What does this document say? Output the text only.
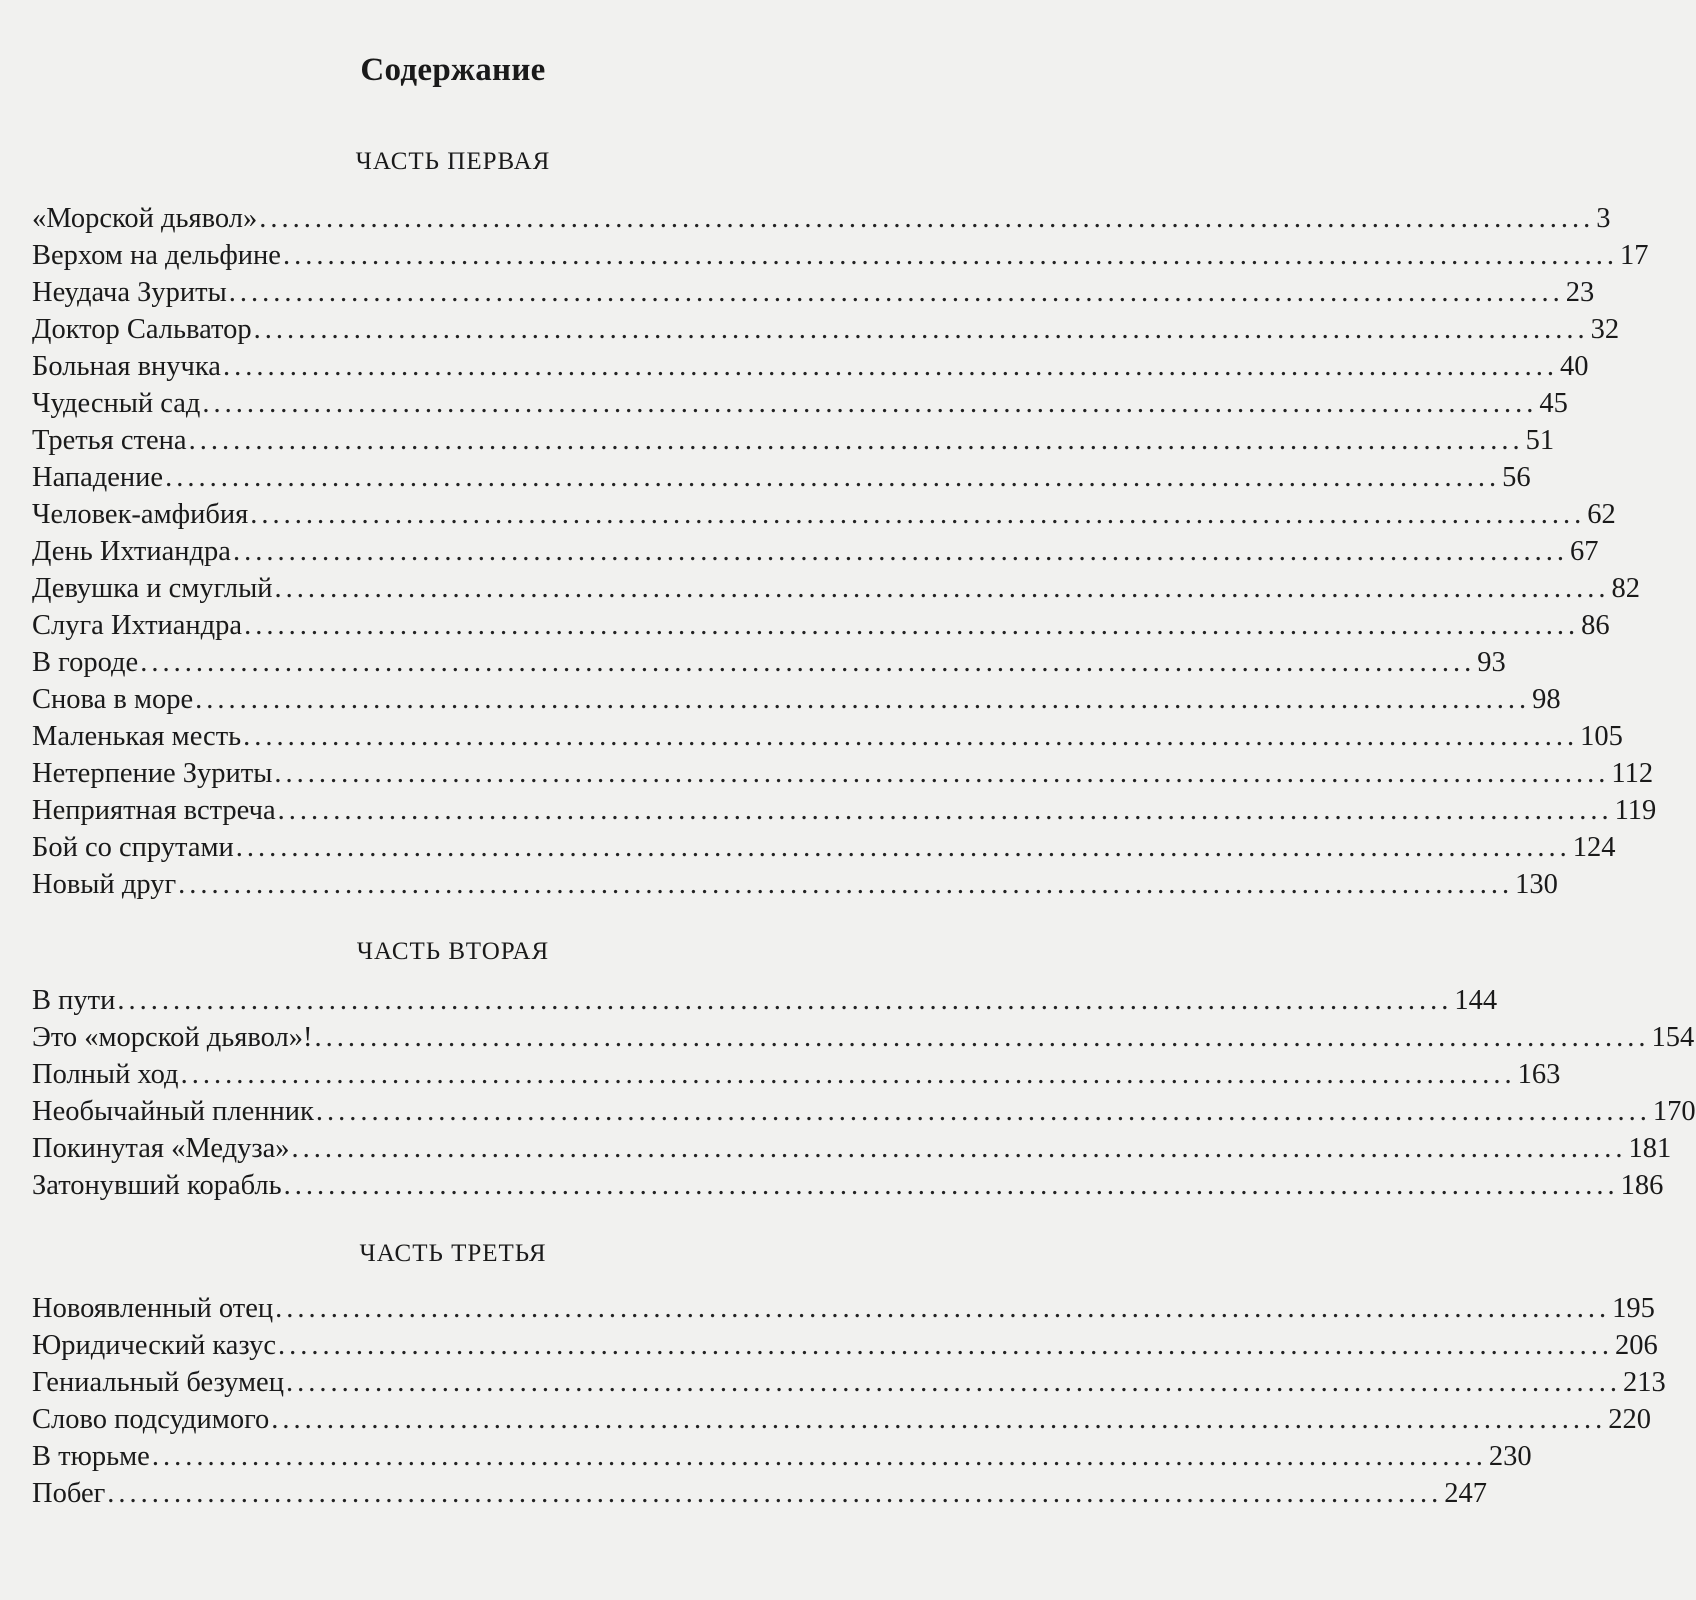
Содержание
ЧАСТЬ ПЕРВАЯ
«Морской дьявол» ........................................................................................................................ 3
Верхом на дельфине ........................................................................................................................ 17
Неудача Зуриты ........................................................................................................................ 23
Доктор Сальватор ........................................................................................................................ 32
Больная внучка ........................................................................................................................ 40
Чудесный сад ........................................................................................................................ 45
Третья стена ........................................................................................................................ 51
Нападение ........................................................................................................................ 56
Человек-амфибия ........................................................................................................................ 62
День Ихтиандра ........................................................................................................................ 67
Девушка и смуглый ........................................................................................................................ 82
Слуга Ихтиандра ........................................................................................................................ 86
В городе ........................................................................................................................ 93
Снова в море ........................................................................................................................ 98
Маленькая месть ........................................................................................................................ 105
Нетерпение Зуриты ........................................................................................................................ 112
Неприятная встреча ........................................................................................................................ 119
Бой со спрутами ........................................................................................................................ 124
Новый друг ........................................................................................................................ 130
ЧАСТЬ ВТОРАЯ
В пути ........................................................................................................................ 144
Это «морской дьявол»! ........................................................................................................................ 154
Полный ход ........................................................................................................................ 163
Необычайный пленник ........................................................................................................................ 170
Покинутая «Медуза» ........................................................................................................................ 181
Затонувший корабль ........................................................................................................................ 186
ЧАСТЬ ТРЕТЬЯ
Новоявленный отец ........................................................................................................................ 195
Юридический казус ........................................................................................................................ 206
Гениальный безумец ........................................................................................................................ 213
Слово подсудимого ........................................................................................................................ 220
В тюрьме ........................................................................................................................ 230
Побег ........................................................................................................................ 247
